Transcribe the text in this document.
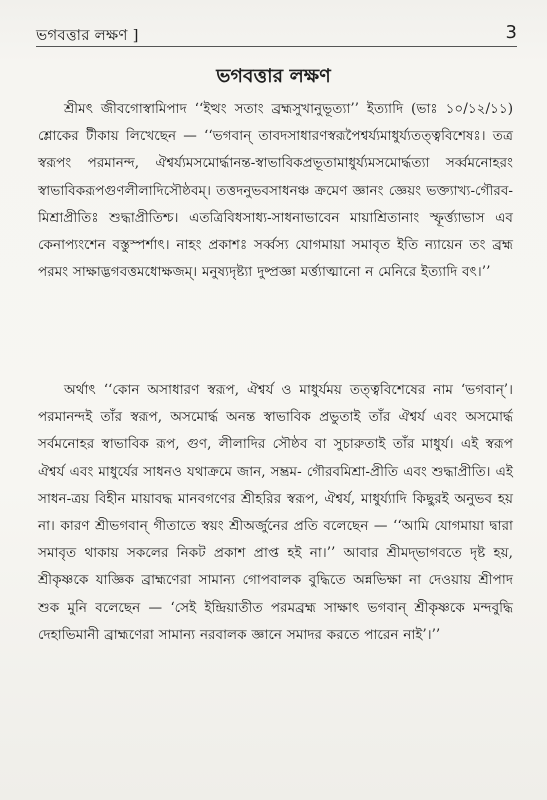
ভগবত্তার লক্ষণ ]	3
ভগবত্তার লক্ষণ

শ্রীমৎ জীবগোস্বামিপাদ ‘‘ইত্থং সতাং ব্রহ্মসুখানুভূত্যা’’ ইত্যাদি (ভাঃ ১০/১২/১১) শ্লোকের টীকায় লিখেছেন — ‘‘ভগবান্ তাবদসাধারণস্বরূপৈশ্বর্য্যমাধুর্য্যতত্ত্ববিশেষঃ। তত্র স্বরূপং পরমানন্দ, ঐশ্বর্য্যমসমোর্দ্ধানন্ত-স্বাভাবিকপ্রভূতামাধুর্য্যমসমোর্দ্ধত্যা সর্ব্বমনোহরং স্বাভাবিকরূপগুণলীলাদিসৌষ্ঠবম্। তত্তদনুভবসাধনঞ্চ ক্রমেণ জ্ঞানং জ্ঞেয়ং ভক্ত্যাখ্য-গৌরব-মিশ্রাপ্রীতিঃ শুদ্ধাপ্রীতিশ্চ। এতত্রিবিধসাধ্য-সাধনাভাবেন মায়াশ্রিতানাং স্ফূর্ত্ত্যাভাস এব কেনাপ্যংশেন বস্তুস্পর্শাৎ। নাহং প্রকাশঃ সর্ব্বস্য যোগমায়া সমাবৃত ইতি ন্যায়েন তং ব্রহ্ম পরমং সাক্ষাদ্ভগবত্তমধোক্ষজম্। মনুষ্যদৃষ্ট্যা দুষ্প্রজ্ঞা মর্ত্ত্যাত্মানো ন মেনিরে ইত্যাদি বৎ।’’

অর্থাৎ ‘‘কোন অসাধারণ স্বরূপ, ঐশ্বর্য ও মাধুর্যময় তত্ত্ববিশেষের নাম ‘ভগবান্’। পরমানন্দই তাঁর স্বরূপ, অসমোর্দ্ধ অনন্ত স্বাভাবিক প্রভুতাই তাঁর ঐশ্বর্য এবং অসমোর্দ্ধ সর্বমনোহর স্বাভাবিক রূপ, গুণ, লীলাদির সৌষ্ঠব বা সুচারুতাই তাঁর মাধুর্য। এই স্বরূপ ঐশ্বর্য এবং মাধুর্যের সাধনও যথাক্রমে জান, সম্ভ্রম- গৌরবমিশ্রা-প্রীতি এবং শুদ্ধাপ্রীতি। এই সাধন-ত্রয় বিহীন মায়াবদ্ধ মানবগণের শ্রীহরির স্বরূপ, ঐশ্বর্য, মাধুর্য্যাদি কিছুরই অনুভব হয় না। কারণ শ্রীভগবান্ গীতাতে স্বয়ং শ্রীঅর্জুনের প্রতি বলেছেন — ‘‘আমি যোগমায়া দ্বারা সমাবৃত থাকায় সকলের নিকট প্রকাশ প্রাপ্ত হই না।’’ আবার শ্রীমদ্‌ভাগবতে দৃষ্ট হয়, শ্রীকৃষ্ণকে যাজ্ঞিক ব্রাহ্মণেরা সামান্য গোপবালক বুদ্ধিতে অন্নভিক্ষা না দেওয়ায় শ্রীপাদ শুক মুনি বলেছেন — ‘সেই ইন্দ্রিয়াতীত পরমব্রহ্ম সাক্ষাৎ ভগবান্ শ্রীকৃষ্ণকে মন্দবুদ্ধি দেহাভিমানী ব্রাহ্মণেরা সামান্য নরবালক জ্ঞানে সমাদর করতে পারেন নাই’।’’
